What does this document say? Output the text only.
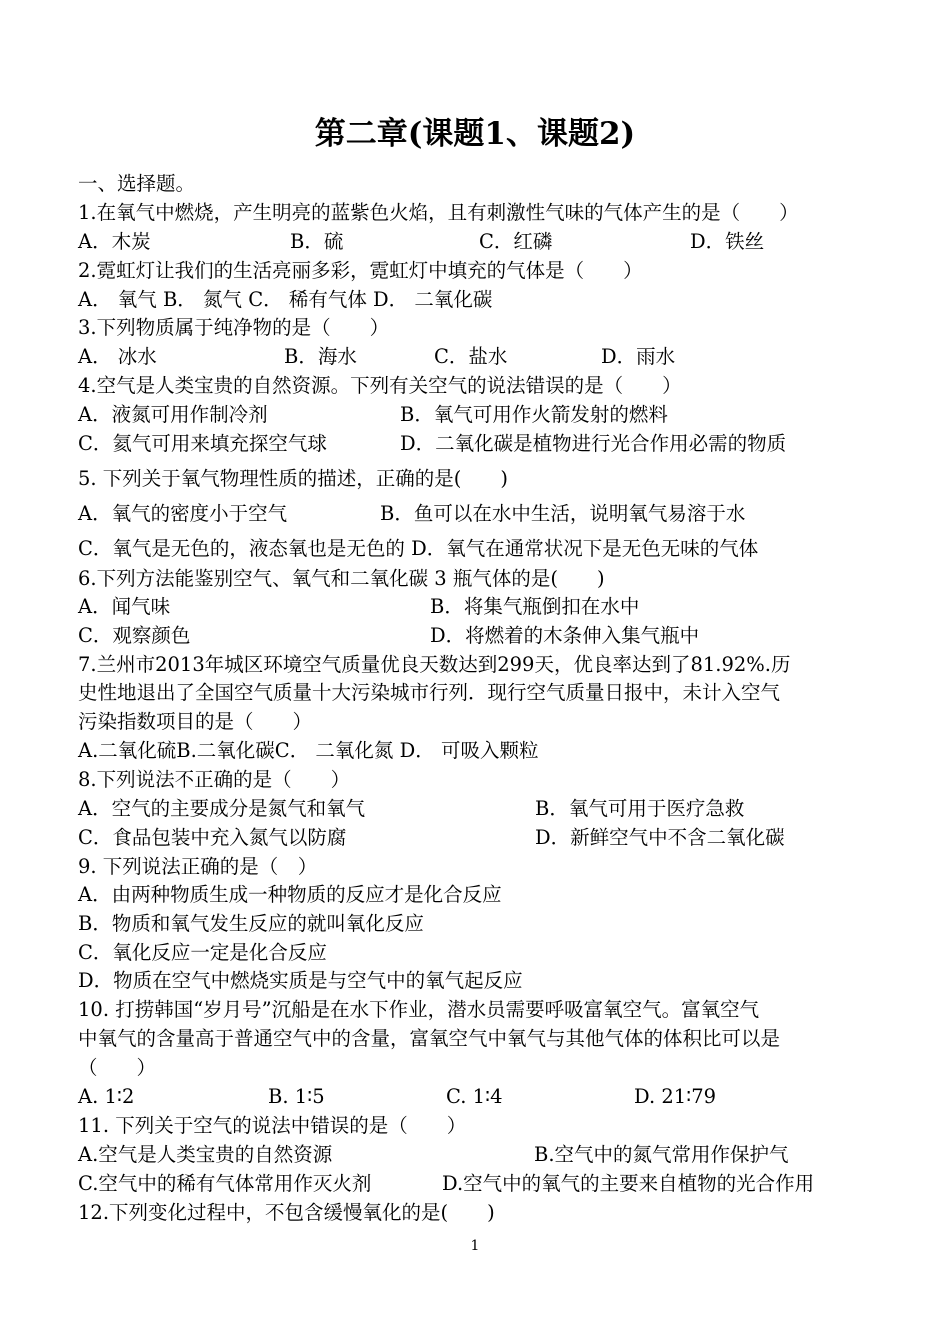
第二章(课题1、课题2)
一、选择题。
1.在氧气中燃烧，产生明亮的蓝紫色火焰，且有刺激性气味的气体产生的是（　　）
A．木炭	B．硫	C．红磷	D．铁丝
2.霓虹灯让我们的生活亮丽多彩，霓虹灯中填充的气体是（　　）
A． 氧气 B． 氮气 C． 稀有气体 D． 二氧化碳
3.下列物质属于纯净物的是（　　）
A． 冰水	B．海水	C．盐水	D．雨水
4.空气是人类宝贵的自然资源。下列有关空气的说法错误的是（　　）
A．液氮可用作制冷剂	B．氧气可用作火箭发射的燃料
C．氦气可用来填充探空气球	D．二氧化碳是植物进行光合作用必需的物质
5. 下列关于氧气物理性质的描述，正确的是(　　)
A．氧气的密度小于空气	B．鱼可以在水中生活，说明氧气易溶于水
C．氧气是无色的，液态氧也是无色的 D．氧气在通常状况下是无色无味的气体
6.下列方法能鉴别空气、氧气和二氧化碳 3 瓶气体的是(　　)
A．闻气味	B．将集气瓶倒扣在水中
C．观察颜色	D．将燃着的木条伸入集气瓶中
7.兰州市2013年城区环境空气质量优良天数达到299天，优良率达到了81.92%.历
史性地退出了全国空气质量十大污染城市行列．现行空气质量日报中，未计入空气
污染指数项目的是（　　）
A.二氧化硫B.二氧化碳C． 二氧化氮 D． 可吸入颗粒
8.下列说法不正确的是（　　）
A．空气的主要成分是氮气和氧气	B．氧气可用于医疗急救
C．食品包装中充入氮气以防腐	D．新鲜空气中不含二氧化碳
9. 下列说法正确的是（　）
A．由两种物质生成一种物质的反应才是化合反应
B．物质和氧气发生反应的就叫氧化反应
C．氧化反应一定是化合反应
D．物质在空气中燃烧实质是与空气中的氧气起反应
10. 打捞韩国“岁月号”沉船是在水下作业，潜水员需要呼吸富氧空气。富氧空气
中氧气的含量高于普通空气中的含量，富氧空气中氧气与其他气体的体积比可以是
（　　）
A. 1∶2	B. 1∶5	C. 1∶4	D. 21∶79
11. 下列关于空气的说法中错误的是（　　）
A.空气是人类宝贵的自然资源	B.空气中的氮气常用作保护气
C.空气中的稀有气体常用作灭火剂	D.空气中的氧气的主要来自植物的光合作用
12.下列变化过程中，不包含缓慢氧化的是(　　)
1
